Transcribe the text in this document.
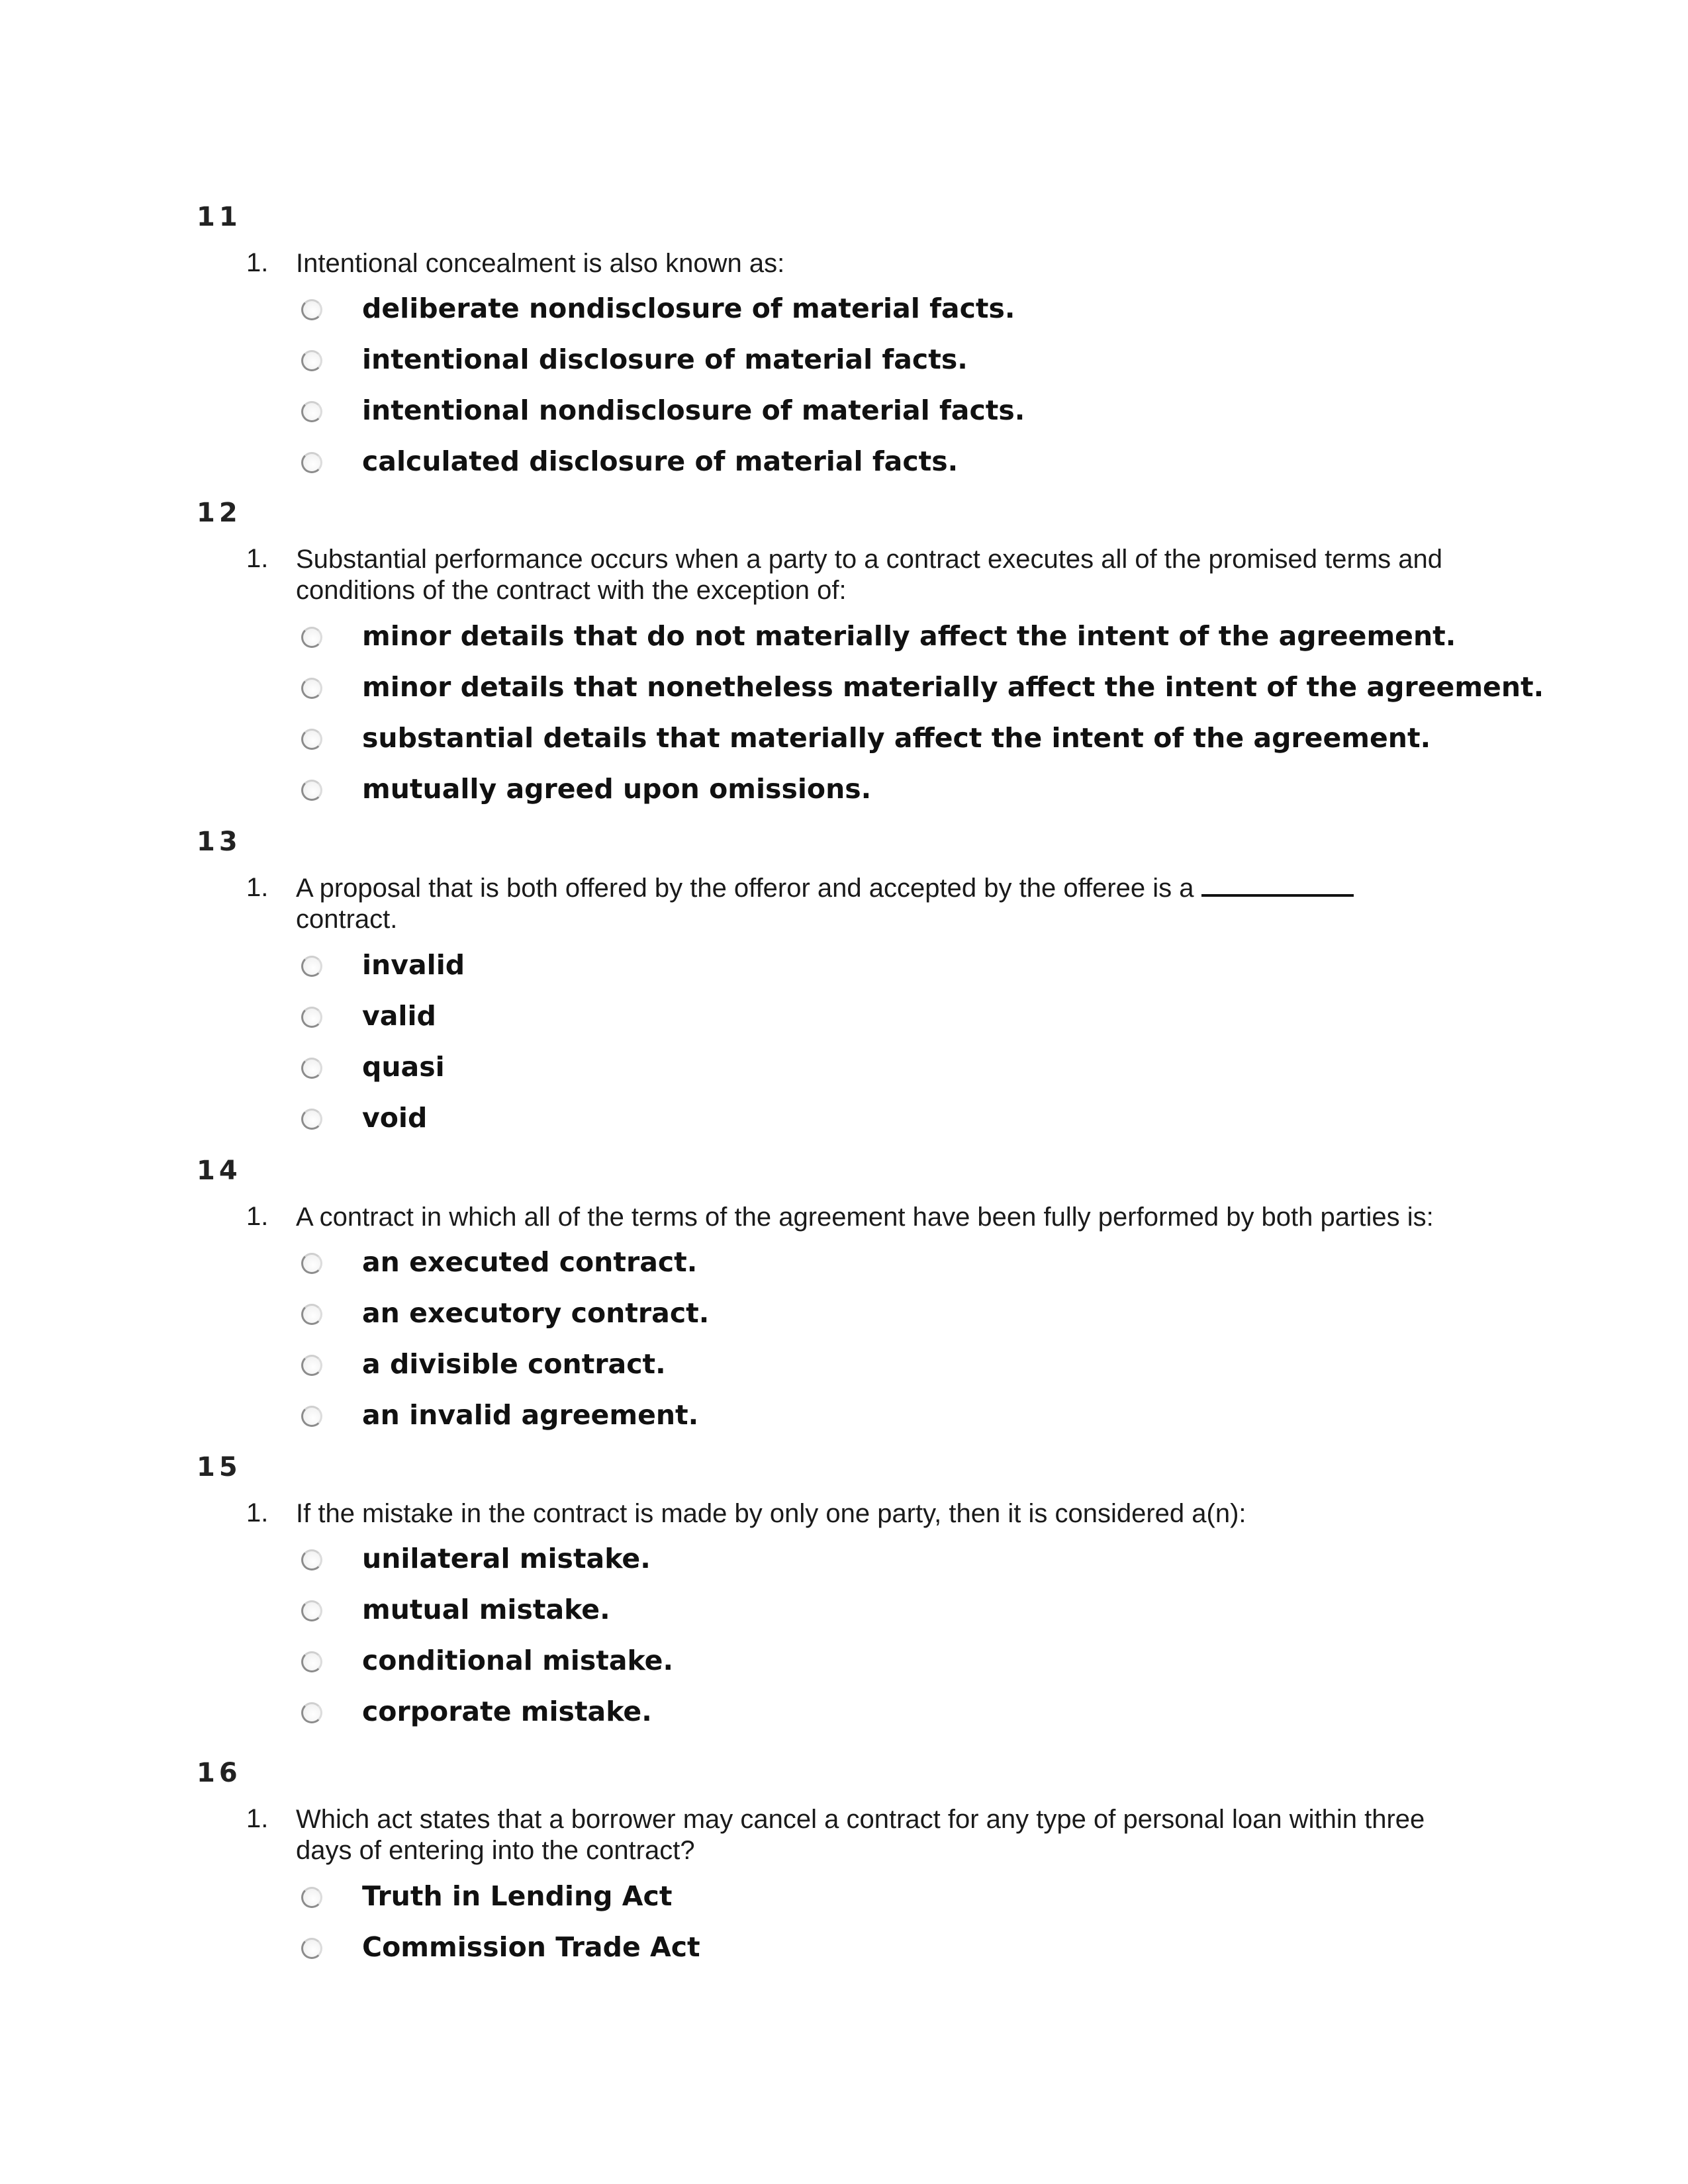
11
1. Intentional concealment is also known as:
deliberate nondisclosure of material facts.
intentional disclosure of material facts.
intentional nondisclosure of material facts.
calculated disclosure of material facts.
12
1. Substantial performance occurs when a party to a contract executes all of the promised terms and conditions of the contract with the exception of:
minor details that do not materially affect the intent of the agreement.
minor details that nonetheless materially affect the intent of the agreement.
substantial details that materially affect the intent of the agreement.
mutually agreed upon omissions.
13
1. A proposal that is both offered by the offeror and accepted by the offeree is a
contract.
invalid
valid
quasi
void
14
1. A contract in which all of the terms of the agreement have been fully performed by both parties is:
an executed contract.
an executory contract.
a divisible contract.
an invalid agreement.
15
1. If the mistake in the contract is made by only one party, then it is considered a(n):
unilateral mistake.
mutual mistake.
conditional mistake.
corporate mistake.
16
1. Which act states that a borrower may cancel a contract for any type of personal loan within three days of entering into the contract?
Truth in Lending Act
Commission Trade Act
